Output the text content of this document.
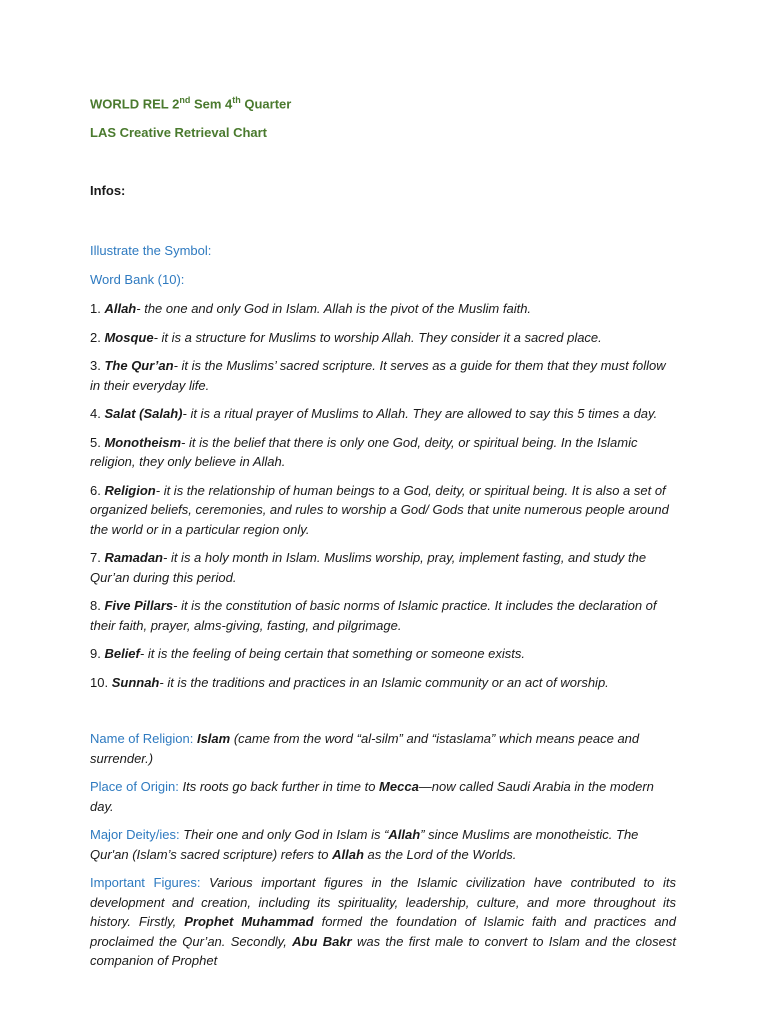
WORLD REL 2nd Sem 4th Quarter

LAS Creative Retrieval Chart

Infos:

Illustrate the Symbol:

Word Bank (10):

1. Allah- the one and only God in Islam. Allah is the pivot of the Muslim faith.

2. Mosque- it is a structure for Muslims to worship Allah. They consider it a sacred place.

3. The Qur’an- it is the Muslims’ sacred scripture. It serves as a guide for them that they must follow in their everyday life.

4. Salat (Salah)- it is a ritual prayer of Muslims to Allah. They are allowed to say this 5 times a day.

5. Monotheism- it is the belief that there is only one God, deity, or spiritual being. In the Islamic religion, they only believe in Allah.

6. Religion- it is the relationship of human beings to a God, deity, or spiritual being. It is also a set of organized beliefs, ceremonies, and rules to worship a God/ Gods that unite numerous people around the world or in a particular region only.

7. Ramadan- it is a holy month in Islam. Muslims worship, pray, implement fasting, and study the Qur’an during this period.

8. Five Pillars- it is the constitution of basic norms of Islamic practice. It includes the declaration of their faith, prayer, alms-giving, fasting, and pilgrimage.

9. Belief- it is the feeling of being certain that something or someone exists.

10. Sunnah- it is the traditions and practices in an Islamic community or an act of worship.

Name of Religion: Islam (came from the word “al-silm” and “istaslama” which means peace and surrender.)

Place of Origin: Its roots go back further in time to Mecca—now called Saudi Arabia in the modern day.

Major Deity/ies: Their one and only God in Islam is “Allah” since Muslims are monotheistic. The Qur'an (Islam’s sacred scripture) refers to Allah as the Lord of the Worlds.

Important Figures: Various important figures in the Islamic civilization have contributed to its development and creation, including its spirituality, leadership, culture, and more throughout its history. Firstly, Prophet Muhammad formed the foundation of Islamic faith and practices and proclaimed the Qur’an. Secondly, Abu Bakr was the first male to convert to Islam and the closest companion of Prophet
